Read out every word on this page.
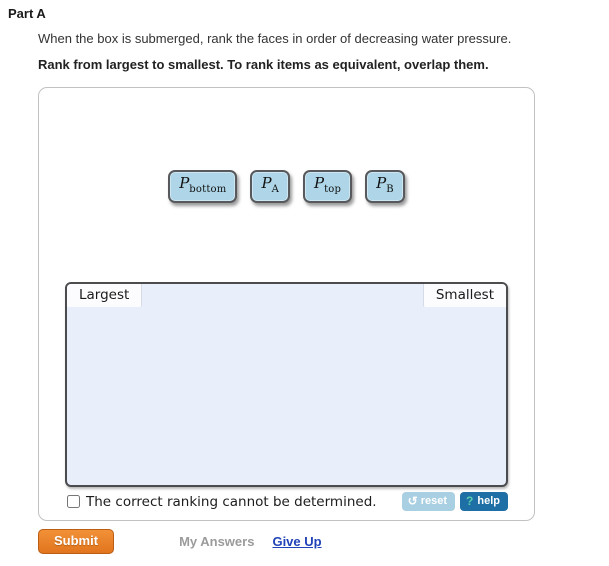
Part A
When the box is submerged, rank the faces in order of decreasing water pressure.
Rank from largest to smallest. To rank items as equivalent, overlap them.
$P_{bottom}$	$P_A$	$P_{top}$	$P_B$
Largest	Smallest
The correct ranking cannot be determined.	↺ reset ? help
Submit	My Answers Give Up
